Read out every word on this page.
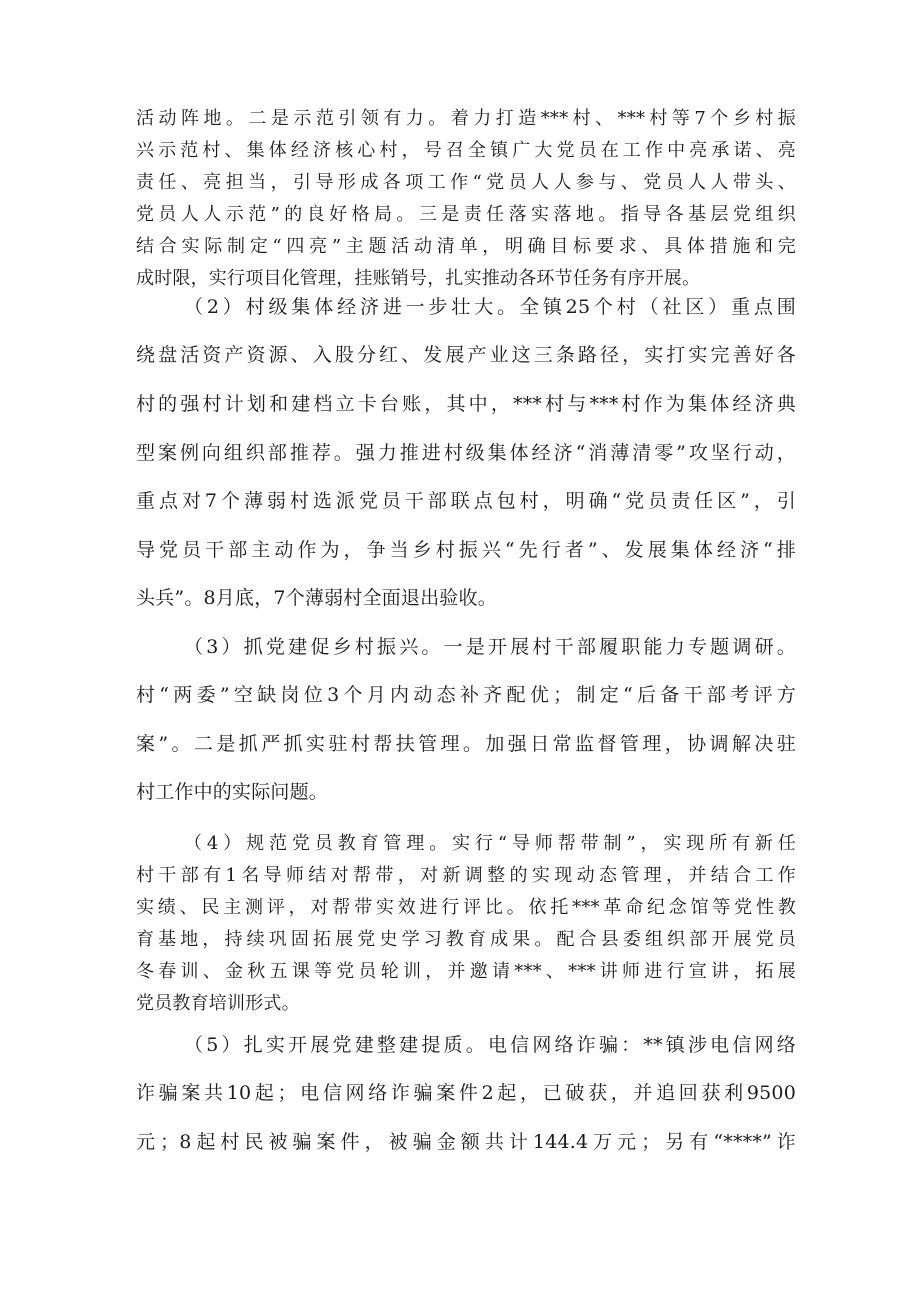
活动阵地。二是示范引领有力。着力打造***村、***村等7个乡村振
兴示范村、集体经济核心村，号召全镇广大党员在工作中亮承诺、亮
责任、亮担当，引导形成各项工作“党员人人参与、党员人人带头、
党员人人示范”的良好格局。三是责任落实落地。指导各基层党组织
结合实际制定“四亮”主题活动清单，明确目标要求、具体措施和完
成时限，实行项目化管理，挂账销号，扎实推动各环节任务有序开展。
（2）村级集体经济进一步壮大。全镇25个村（社区）重点围
绕盘活资产资源、入股分红、发展产业这三条路径，实打实完善好各
村的强村计划和建档立卡台账，其中，***村与***村作为集体经济典
型案例向组织部推荐。强力推进村级集体经济“消薄清零”攻坚行动，
重点对7个薄弱村选派党员干部联点包村，明确“党员责任区”，引
导党员干部主动作为，争当乡村振兴“先行者”、发展集体经济“排
头兵”。8月底，7个薄弱村全面退出验收。
（3）抓党建促乡村振兴。一是开展村干部履职能力专题调研。
村“两委”空缺岗位3个月内动态补齐配优；制定“后备干部考评方
案”。二是抓严抓实驻村帮扶管理。加强日常监督管理，协调解决驻
村工作中的实际问题。
（4）规范党员教育管理。实行“导师帮带制”，实现所有新任
村干部有1名导师结对帮带，对新调整的实现动态管理，并结合工作
实绩、民主测评，对帮带实效进行评比。依托***革命纪念馆等党性教
育基地，持续巩固拓展党史学习教育成果。配合县委组织部开展党员
冬春训、金秋五课等党员轮训，并邀请***、***讲师进行宣讲，拓展
党员教育培训形式。
（5）扎实开展党建整建提质。电信网络诈骗：**镇涉电信网络
诈骗案共10起；电信网络诈骗案件2起，已破获，并追回获利9500
元；8起村民被骗案件，被骗金额共计144.4万元；另有“****”诈
